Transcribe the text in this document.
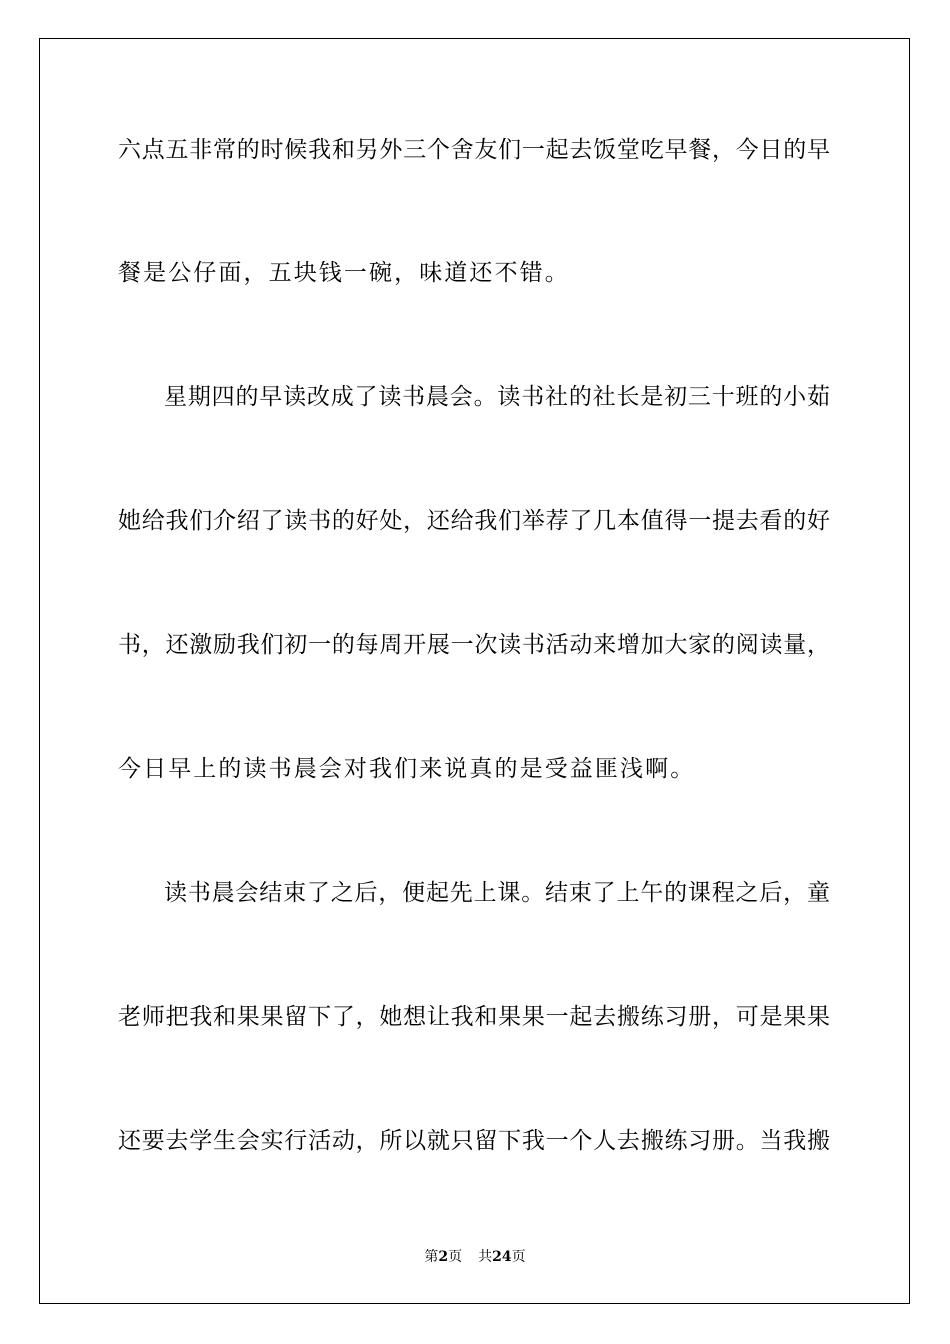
六点五非常的时候我和另外三个舍友们一起去饭堂吃早餐，今日的早

餐是公仔面，五块钱一碗，味道还不错。

星期四的早读改成了读书晨会。读书社的社长是初三十班的小茹

她给我们介绍了读书的好处，还给我们举荐了几本值得一提去看的好

书，还激励我们初一的每周开展一次读书活动来增加大家的阅读量，

今日早上的读书晨会对我们来说真的是受益匪浅啊。

读书晨会结束了之后，便起先上课。结束了上午的课程之后，童

老师把我和果果留下了，她想让我和果果一起去搬练习册，可是果果

还要去学生会实行活动，所以就只留下我一个人去搬练习册。当我搬

第2页 共24页
